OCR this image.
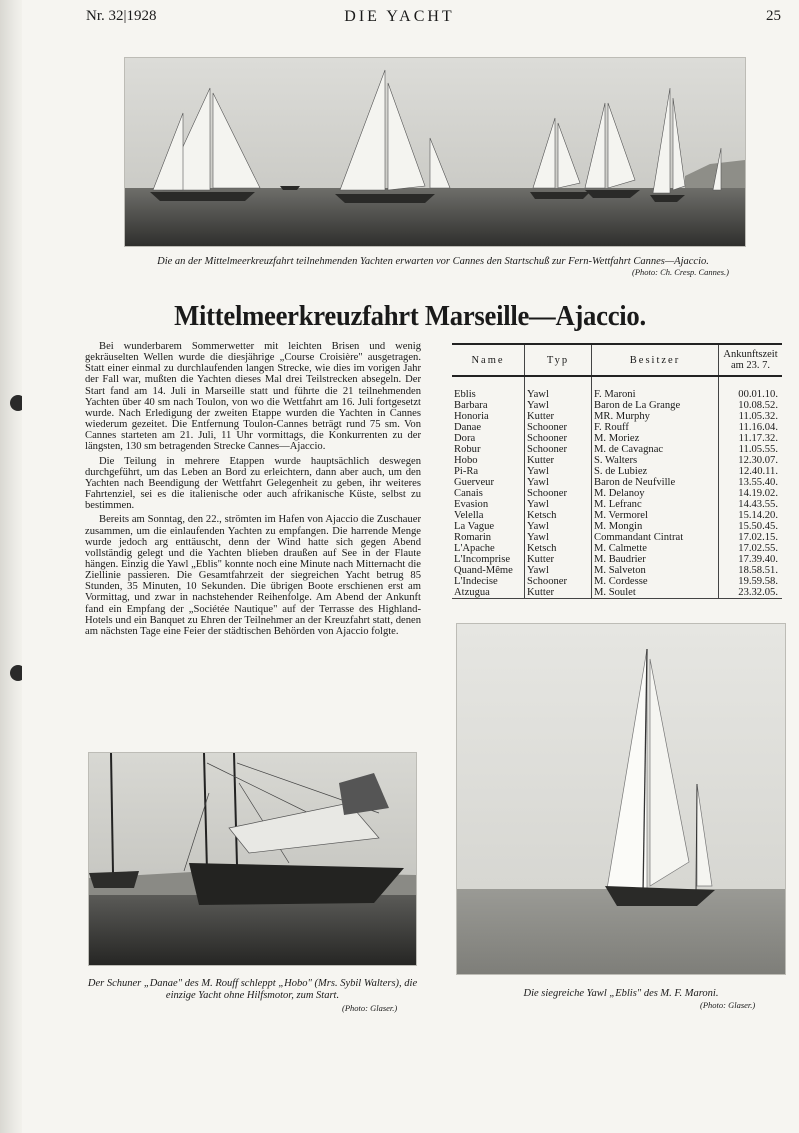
Nr. 32|1928	DIE YACHT	25
Die an der Mittelmeerkreuzfahrt teilnehmenden Yachten erwarten vor Cannes den Startschuß zur Fern-Wettfahrt Cannes—Ajaccio.
(Photo: Ch. Cresp. Cannes.)
Mittelmeerkreuzfahrt Marseille—Ajaccio.

Bei wunderbarem Sommerwetter mit leichten Brisen und wenig gekräuselten Wellen wurde die diesjährige „Course Croisière" ausgetragen. Statt einer einmal zu durchlaufenden langen Strecke, wie dies im vorigen Jahr der Fall war, mußten die Yachten dieses Mal drei Teilstrecken absegeln. Der Start fand am 14. Juli in Marseille statt und führte die 21 teilnehmenden Yachten über 40 sm nach Toulon, von wo die Wettfahrt am 16. Juli fortgesetzt wurde. Nach Erledigung der zweiten Etappe wurden die Yachten in Cannes wiederum gezeitet. Die Entfernung Toulon-Cannes beträgt rund 75 sm. Von Cannes starteten am 21. Juli, 11 Uhr vormittags, die Konkurrenten zu der längsten, 130 sm betragenden Strecke Cannes—Ajaccio.

Die Teilung in mehrere Etappen wurde hauptsächlich deswegen durchgeführt, um das Leben an Bord zu erleichtern, dann aber auch, um den Yachten nach Beendigung der Wettfahrt Gelegenheit zu geben, ihr weiteres Fahrtenziel, sei es die italienische oder auch afrikanische Küste, selbst zu bestimmen.

Bereits am Sonntag, den 22., strömten im Hafen von Ajaccio die Zuschauer zusammen, um die einlaufenden Yachten zu empfangen. Die harrende Menge wurde jedoch arg enttäuscht, denn der Wind hatte sich gegen Abend vollständig gelegt und die Yachten blieben draußen auf See in der Flaute hängen. Einzig die Yawl „Eblis" konnte noch eine Minute nach Mitternacht die Ziellinie passieren. Die Gesamtfahrzeit der siegreichen Yacht betrug 85 Stunden, 35 Minuten, 10 Sekunden. Die übrigen Boote erschienen erst am Vormittag, und zwar in nachstehender Reihenfolge. Am Abend der Ankunft fand ein Empfang der „Sociétée Nautique" auf der Terrasse des Highland-Hotels und ein Banquet zu Ehren der Teilnehmer an der Kreuzfahrt statt, denen am nächsten Tage eine Feier der städtischen Behörden von Ajaccio folgte.

Name	Typ	Besitzer	Ankunftszeit am 23. 7.
Eblis	Yawl	F. Maroni	00.01.10.
Barbara	Yawl	Baron de La Grange	10.08.52.
Honoria	Kutter	MR. Murphy	11.05.32.
Danae	Schooner	F. Rouff	11.16.04.
Dora	Schooner	M. Moriez	11.17.32.
Robur	Schooner	M. de Cavagnac	11.05.55.
Hobo	Kutter	S. Walters	12.30.07.
Pi-Ra	Yawl	S. de Lubiez	12.40.11.
Guerveur	Yawl	Baron de Neufville	13.55.40.
Canais	Schooner	M. Delanoy	14.19.02.
Evasion	Yawl	M. Lefranc	14.43.55.
Velella	Ketsch	M. Vermorel	15.14.20.
La Vague	Yawl	M. Mongin	15.50.45.
Romarin	Yawl	Commandant Cintrat	17.02.15.
L'Apache	Ketsch	M. Calmette	17.02.55.
L'Incomprise	Kutter	M. Baudrier	17.39.40.
Quand-Même	Yawl	M. Salveton	18.58.51.
L'Indecise	Schooner	M. Cordesse	19.59.58.
Atzugua	Kutter	M. Soulet	23.32.05.
Die siegreiche Yawl „Eblis" des M. F. Maroni.
(Photo: Glaser.)
Der Schuner „Danae" des M. Rouff schleppt „Hobo" (Mrs. Sybil Walters), die einzige Yacht ohne Hilfsmotor, zum Start.
(Photo: Glaser.)
